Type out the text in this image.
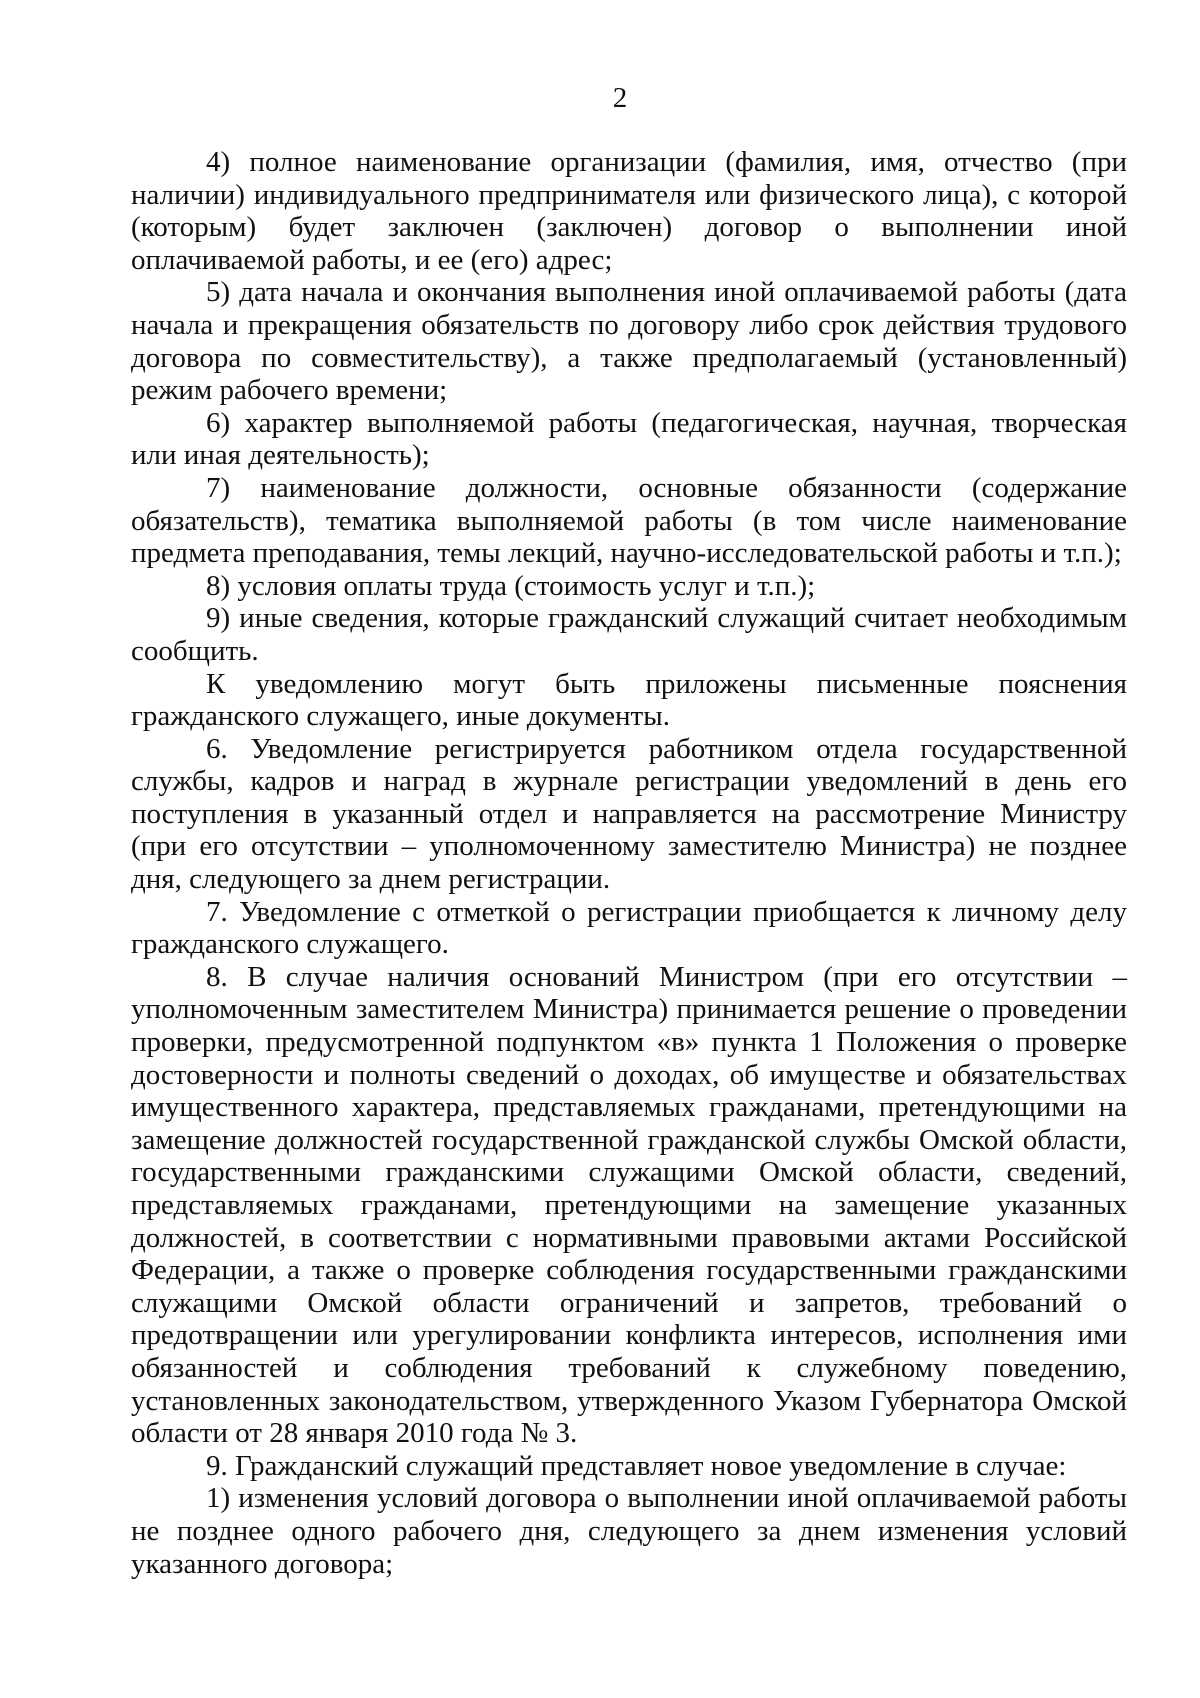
2

4) полное наименование организации (фамилия, имя, отчество (при наличии) индивидуального предпринимателя или физического лица), с которой (которым) будет заключен (заключен) договор о выполнении иной оплачиваемой работы, и ее (его) адрес;

5) дата начала и окончания выполнения иной оплачиваемой работы (дата начала и прекращения обязательств по договору либо срок действия трудового договора по совместительству), а также предполагаемый (установленный) режим рабочего времени;

6) характер выполняемой работы (педагогическая, научная, творческая или иная деятельность);

7) наименование должности, основные обязанности (содержание обязательств), тематика выполняемой работы (в том числе наименование предмета преподавания, темы лекций, научно-исследовательской работы и т.п.);

8) условия оплаты труда (стоимость услуг и т.п.);

9) иные сведения, которые гражданский служащий считает необходимым сообщить.

К уведомлению могут быть приложены письменные пояснения гражданского служащего, иные документы.

6. Уведомление регистрируется работником отдела государственной службы, кадров и наград в журнале регистрации уведомлений в день его поступления в указанный отдел и направляется на рассмотрение Министру (при его отсутствии – уполномоченному заместителю Министра) не позднее дня, следующего за днем регистрации.

7. Уведомление с отметкой о регистрации приобщается к личному делу гражданского служащего.

8. В случае наличия оснований Министром (при его отсутствии – уполномоченным заместителем Министра) принимается решение о проведении проверки, предусмотренной подпунктом «в» пункта 1 Положения о проверке достоверности и полноты сведений о доходах, об имуществе и обязательствах имущественного характера, представляемых гражданами, претендующими на замещение должностей государственной гражданской службы Омской области, государственными гражданскими служащими Омской области, сведений, представляемых гражданами, претендующими на замещение указанных должностей, в соответствии с нормативными правовыми актами Российской Федерации, а также о проверке соблюдения государственными гражданскими служащими Омской области ограничений и запретов, требований о предотвращении или урегулировании конфликта интересов, исполнения ими обязанностей и соблюдения требований к служебному поведению, установленных законодательством, утвержденного Указом Губернатора Омской области от 28 января 2010 года № 3.

9. Гражданский служащий представляет новое уведомление в случае:

1) изменения условий договора о выполнении иной оплачиваемой работы не позднее одного рабочего дня, следующего за днем изменения условий указанного договора;
